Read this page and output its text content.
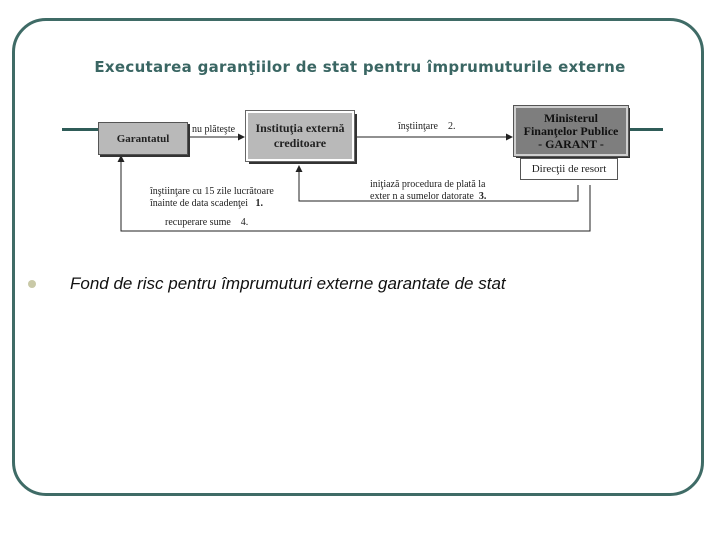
Executarea garanţiilor de stat pentru împrumuturile externe
Garantatul
Instituţia externă
creditoare
Ministerul
Finanţelor Publice
- GARANT -
Direcţii de resort
nu plăteşte	înştiinţare 2.
înştiinţare cu 15 zile lucrătoare
înainte de data scadenţei 1.
iniţiază procedura de plată la
exter n a sumelor datorate 3.
recuperare sume 4.
Fond de risc pentru împrumuturi externe garantate de stat
